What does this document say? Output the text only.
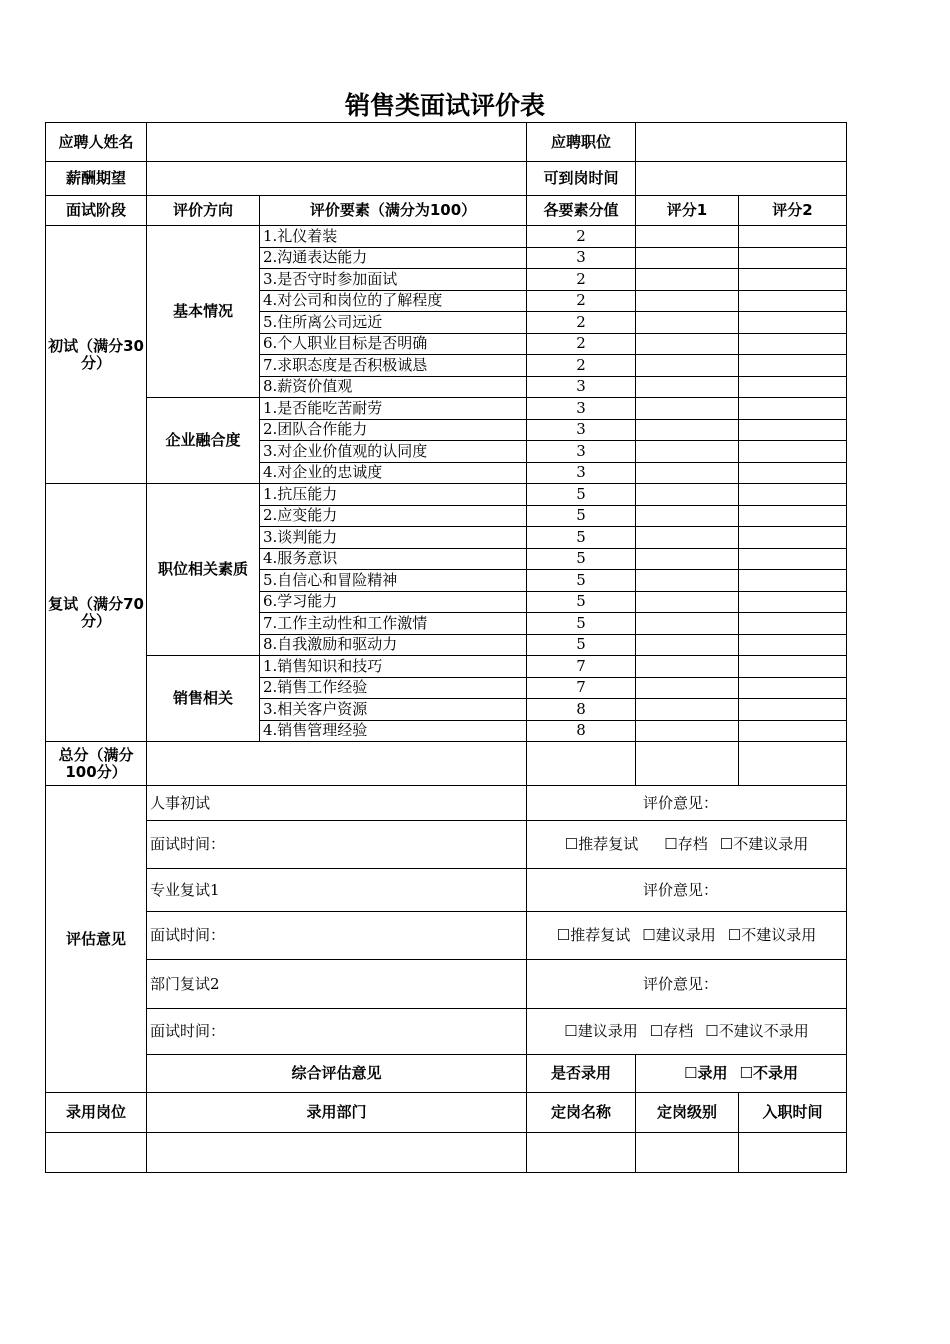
销售类面试评价表
应聘人姓名			应聘职位		
薪酬期望			可到岗时间		
面试阶段	评价方向	评价要素（满分为100）	各要素分值	评分1	评分2
初试（满分30分）	基本情况	1.礼仪着装	2		
		2.沟通表达能力	3		
		3.是否守时参加面试	2		
		4.对公司和岗位的了解程度	2		
		5.住所离公司远近	2		
		6.个人职业目标是否明确	2		
		7.求职态度是否积极诚恳	2		
		8.薪资价值观	3		
	企业融合度	1.是否能吃苦耐劳	3		
		2.团队合作能力	3		
		3.对企业价值观的认同度	3		
		4.对企业的忠诚度	3		
复试（满分70分）	职位相关素质	1.抗压能力	5		
		2.应变能力	5		
		3.谈判能力	5		
		4.服务意识	5		
		5.自信心和冒险精神	5		
		6.学习能力	5		
		7.工作主动性和工作激情	5		
		8.自我激励和驱动力	5		
	销售相关	1.销售知识和技巧	7		
		2.销售工作经验	7		
		3.相关客户资源	8		
		4.销售管理经验	8		
总分（满分100分）					
评估意见	人事初试		评价意见：		
	面试时间：		☐推荐复试 ☐存档 ☐不建议录用		
	专业复试1		评价意见：		
	面试时间：		☐推荐复试 ☐建议录用 ☐不建议录用		
	部门复试2		评价意见：		
	面试时间：		☐建议录用 ☐存档 ☐不建议不录用		
	综合评估意见		是否录用	☐录用 ☐不录用	
录用岗位	录用部门		定岗名称	定岗级别	入职时间
